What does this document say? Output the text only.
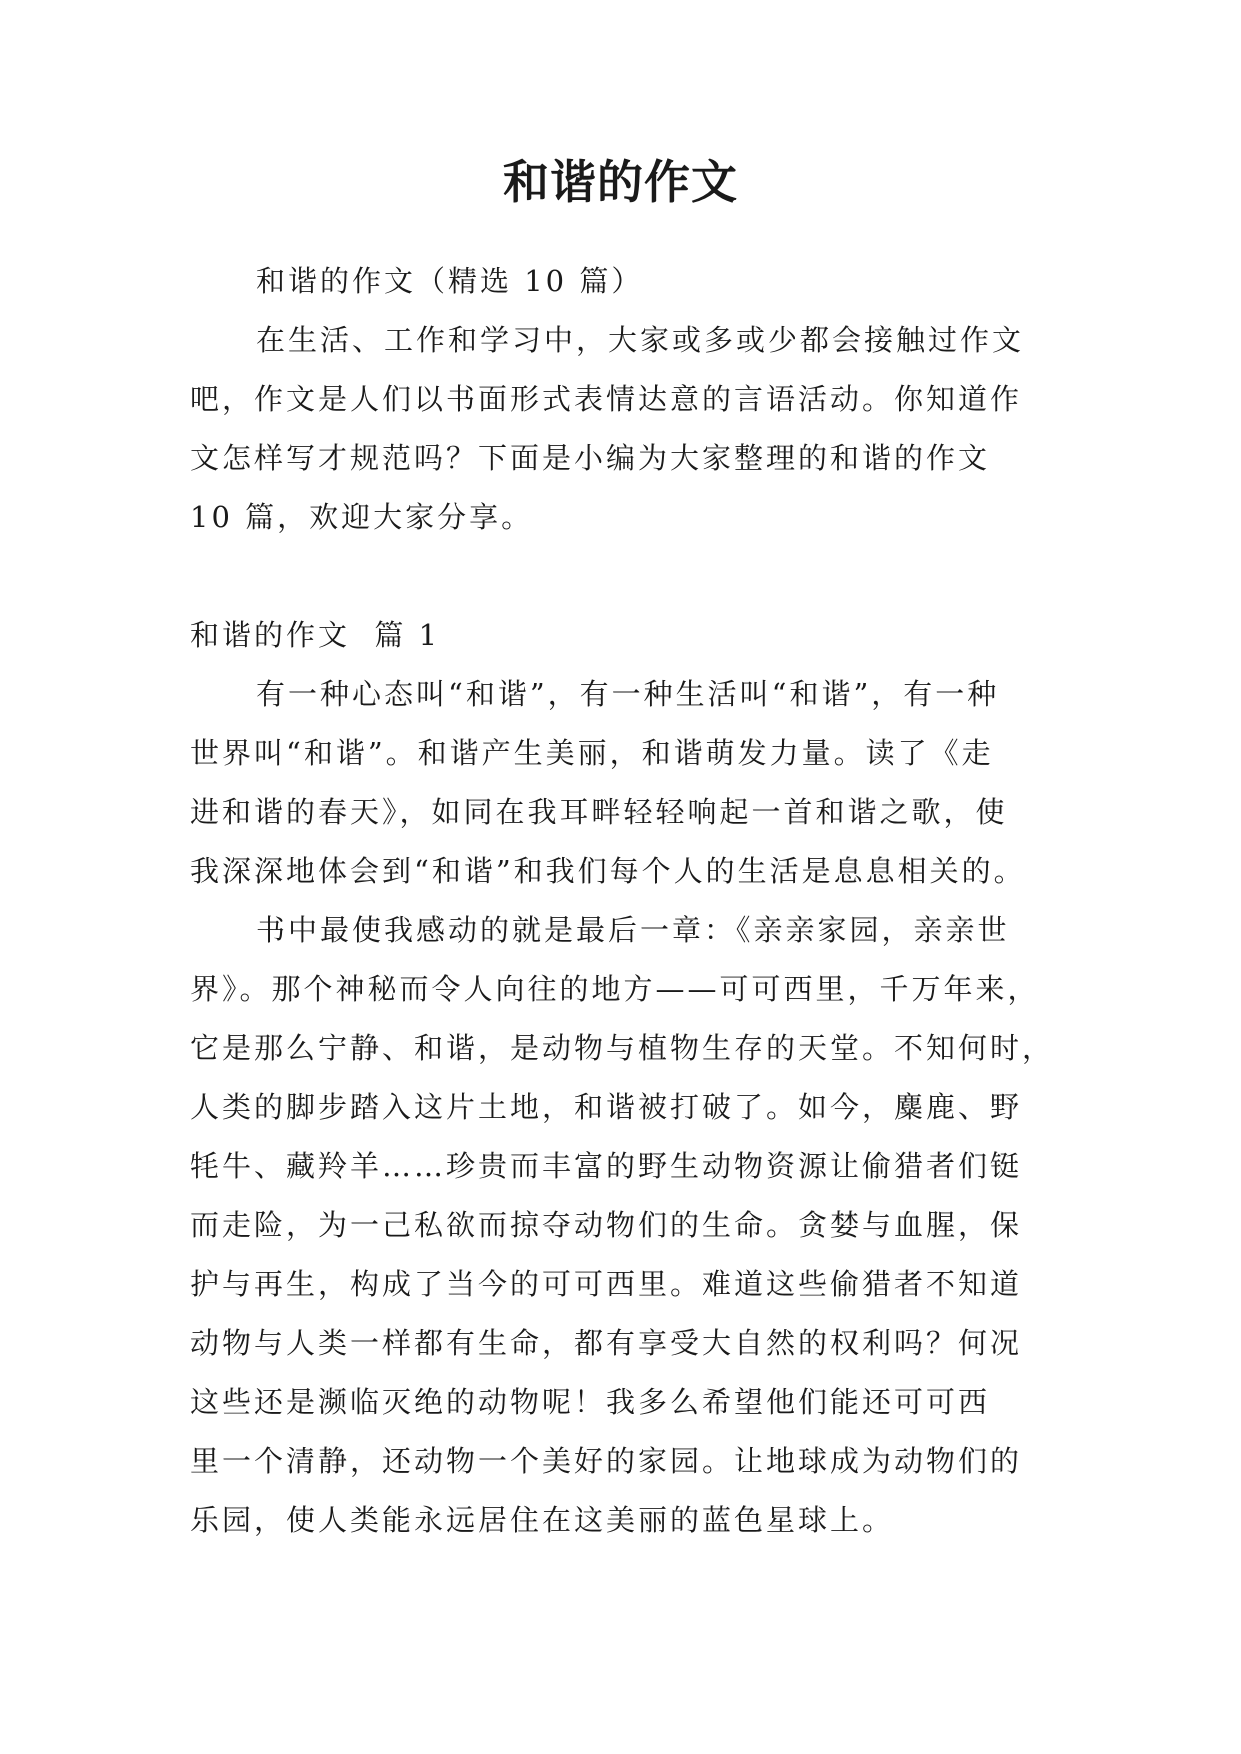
和谐的作文
和谐的作文（精选 10 篇）
在生活、工作和学习中，大家或多或少都会接触过作文
吧，作文是人们以书面形式表情达意的言语活动。你知道作
文怎样写才规范吗？下面是小编为大家整理的和谐的作文
10 篇，欢迎大家分享。
和谐的作文  篇 1
有一种心态叫“和谐”，有一种生活叫“和谐”，有一种
世界叫“和谐”。和谐产生美丽，和谐萌发力量。读了《走
进和谐的春天》，如同在我耳畔轻轻响起一首和谐之歌，使
我深深地体会到“和谐”和我们每个人的生活是息息相关的。
书中最使我感动的就是最后一章：《亲亲家园，亲亲世
界》。那个神秘而令人向往的地方——可可西里，千万年来，
它是那么宁静、和谐，是动物与植物生存的天堂。不知何时，
人类的脚步踏入这片土地，和谐被打破了。如今，麋鹿、野
牦牛、藏羚羊……珍贵而丰富的野生动物资源让偷猎者们铤
而走险，为一己私欲而掠夺动物们的生命。贪婪与血腥，保
护与再生，构成了当今的可可西里。难道这些偷猎者不知道
动物与人类一样都有生命，都有享受大自然的权利吗？何况
这些还是濒临灭绝的动物呢！我多么希望他们能还可可西
里一个清静，还动物一个美好的家园。让地球成为动物们的
乐园，使人类能永远居住在这美丽的蓝色星球上。
